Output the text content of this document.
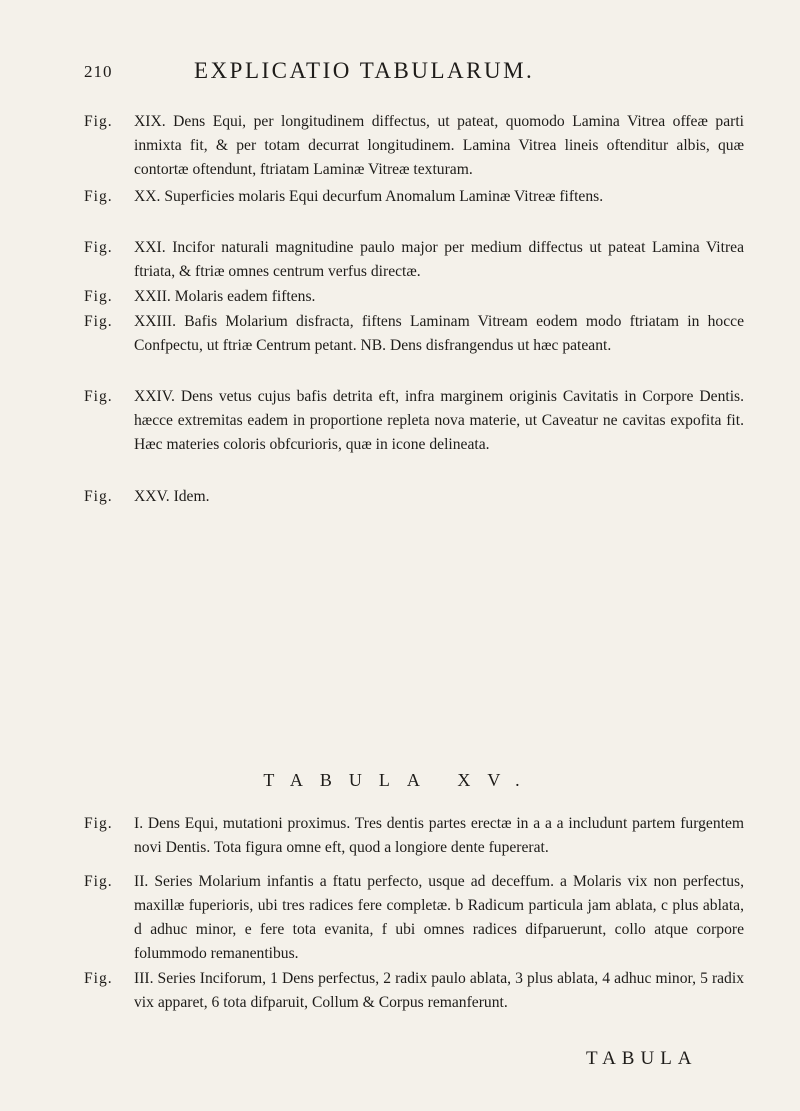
210	EXPLICATIO TABULARUM.
Fig. XIX. Dens Equi, per longitudinem diffectus, ut pateat, quomodo Lamina Vitrea offeæ parti inmixta fit, & per totam decurrat longitudinem. Lamina Vitrea lineis oftenditur albis, quæ contortæ oftendunt, ftriatam Laminæ Vitreæ texturam.
Fig. XX. Superficies molaris Equi decurfum Anomalum Laminæ Vitreæ fiftens.
Fig. XXI. Incifor naturali magnitudine paulo major per medium diffectus ut pateat Lamina Vitrea ftriata, & ftriæ omnes centrum verfus directæ.
Fig. XXII. Molaris eadem fiftens.
Fig. XXIII. Bafis Molarium disfracta, fiftens Laminam Vitream eodem modo ftriatam in hocce Confpectu, ut ftriæ Centrum petant. NB. Dens disfrangendus ut hæc pateant.
Fig. XXIV. Dens vetus cujus bafis detrita eft, infra marginem originis Cavitatis in Corpore Dentis. hæcce extremitas eadem in proportione repleta nova materie, ut Caveatur ne cavitas expofita fit. Hæc materies coloris obfcurioris, quæ in icone delineata.
Fig. XXV. Idem.
TABULA XV.
Fig. I. Dens Equi, mutationi proximus. Tres dentis partes erectæ in a a a includunt partem furgentem novi Dentis. Tota figura omne eft, quod a longiore dente fupererat.
Fig. II. Series Molarium infantis a ftatu perfecto, usque ad deceffum. a Molaris vix non perfectus, maxillæ fuperioris, ubi tres radices fere completæ. b Radicum particula jam ablata, c plus ablata, d adhuc minor, e fere tota evanita, f ubi omnes radices difparuerunt, collo atque corpore folummodo remanentibus.
Fig. III. Series Inciforum, 1 Dens perfectus, 2 radix paulo ablata, 3 plus ablata, 4 adhuc minor, 5 radix vix apparet, 6 tota difparuit, Collum & Corpus remanferunt.
TABULA
